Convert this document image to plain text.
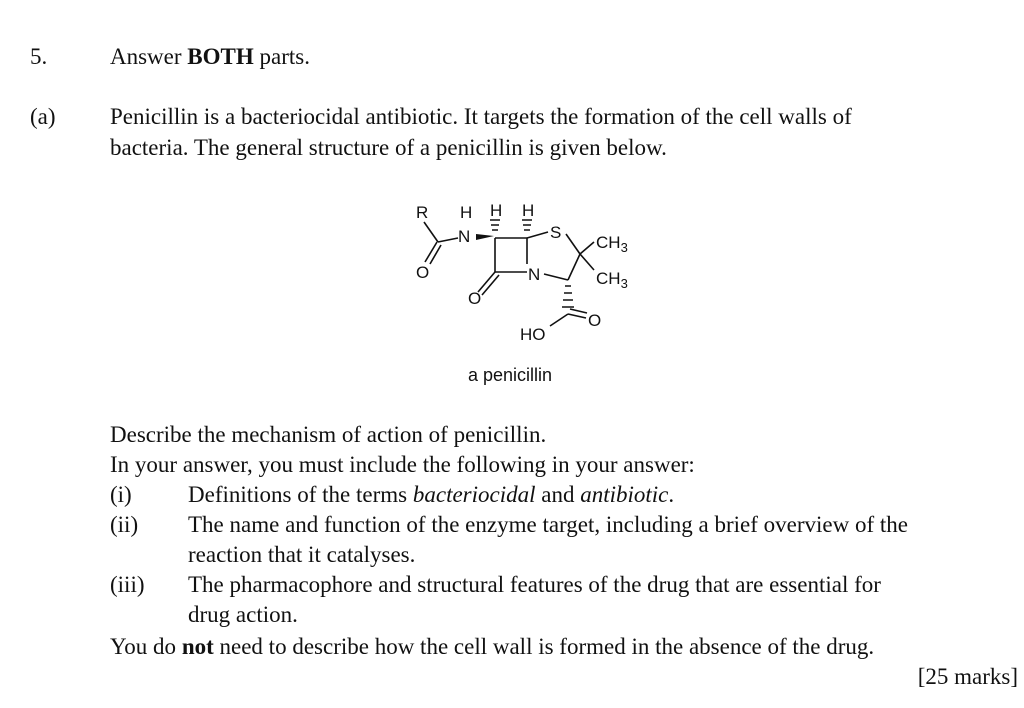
5.	Answer BOTH parts.
(a) Penicillin is a bacteriocidal antibiotic. It targets the formation of the cell walls of
bacteria. The general structure of a penicillin is given below.
R
N
H H H
S
N
O
O
O
HO
$CH_3$
$CH_3$
a penicillin
Describe the mechanism of action of penicillin.
In your answer, you must include the following in your answer:
(i) Definitions of the terms bacteriocidal and antibiotic.
(ii) The name and function of the enzyme target, including a brief overview of the
reaction that it catalyses.
(iii) The pharmacophore and structural features of the drug that are essential for
drug action.
You do not need to describe how the cell wall is formed in the absence of the drug.
[25 marks]
